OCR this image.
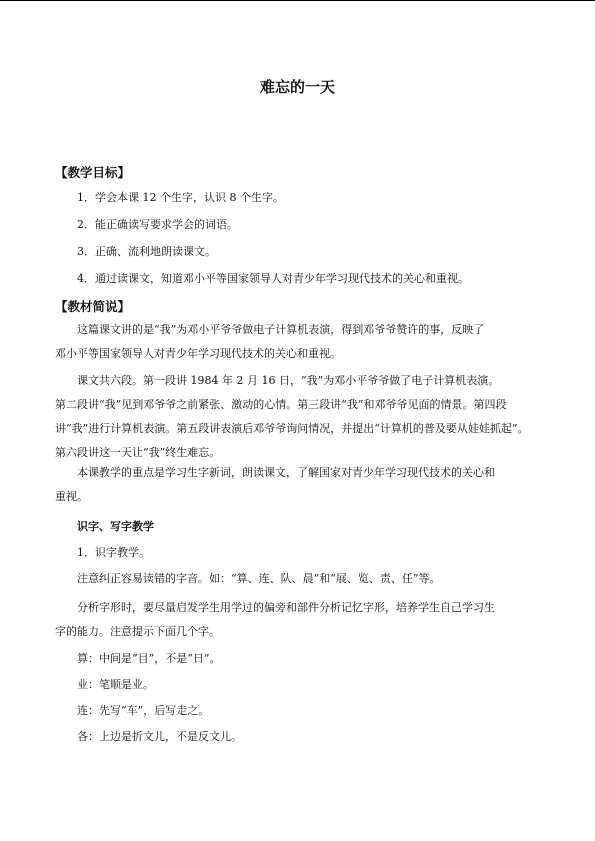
难忘的一天
【教学目标】
1．学会本课 12 个生字，认识 8 个生字。
2．能正确读写要求学会的词语。
3．正确、流利地朗读课文。
4．通过读课文，知道邓小平等国家领导人对青少年学习现代技术的关心和重视。
【教材简说】

这篇课文讲的是“我”为邓小平爷爷做电子计算机表演，得到邓爷爷赞许的事，反映了
邓小平等国家领导人对青少年学习现代技术的关心和重视。

课文共六段。第一段讲 1984 年 2 月 16 日，“我”为邓小平爷爷做了电子计算机表演。
第二段讲“我”见到邓爷爷之前紧张、激动的心情。第三段讲“我”和邓爷爷见面的情景。第四段讲“我”进行计算机表演。第五段讲表演后邓爷爷询问情况，并提出“计算机的普及要从娃娃抓起”。第六段讲这一天让“我”终生难忘。

本课教学的重点是学习生字新词，朗读课文，了解国家对青少年学习现代技术的关心和
重视。

识字、写字教学
1．识字教学。
注意纠正容易读错的字音。如：“算、连、队、晨”和“展、览、责、任”等。

分析字形时，要尽量启发学生用学过的偏旁和部件分析记忆字形，培养学生自己学习生
字的能力。注意提示下面几个字。

算：中间是“目”，不是“日”。
业：笔顺是业。
连：先写“车”，后写走之。
各：上边是折文儿，不是反文儿。
